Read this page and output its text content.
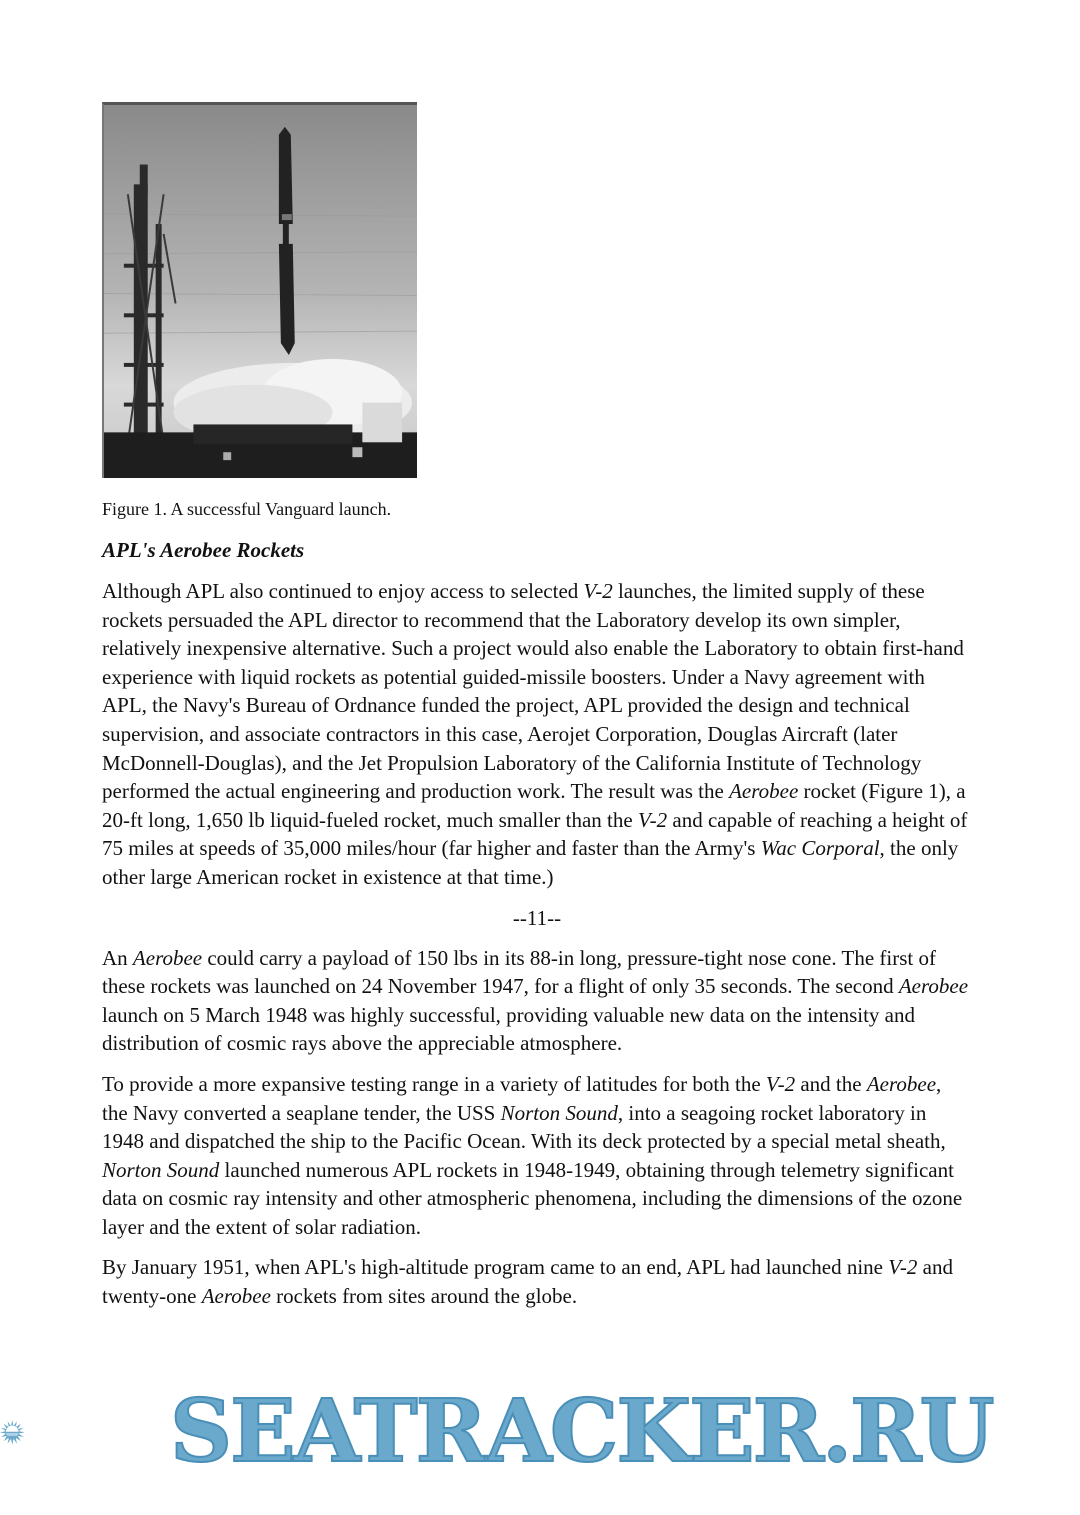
Figure 1. A successful Vanguard launch.
APL's Aerobee Rockets

Although APL also continued to enjoy access to selected V-2 launches, the limited supply of these rockets persuaded the APL director to recommend that the Laboratory develop its own simpler, relatively inexpensive alternative. Such a project would also enable the Laboratory to obtain first-hand experience with liquid rockets as potential guided-missile boosters. Under a Navy agreement with APL, the Navy's Bureau of Ordnance funded the project, APL provided the design and technical supervision, and associate contractors in this case, Aerojet Corporation, Douglas Aircraft (later McDonnell-Douglas), and the Jet Propulsion Laboratory of the California Institute of Technology performed the actual engineering and production work. The result was the Aerobee rocket (Figure 1), a 20-ft long, 1,650 lb liquid-fueled rocket, much smaller than the V-2 and capable of reaching a height of 75 miles at speeds of 35,000 miles/hour (far higher and faster than the Army's Wac Corporal, the only other large American rocket in existence at that time.)

--11--

An Aerobee could carry a payload of 150 lbs in its 88-in long, pressure-tight nose cone. The first of these rockets was launched on 24 November 1947, for a flight of only 35 seconds. The second Aerobee launch on 5 March 1948 was highly successful, providing valuable new data on the intensity and distribution of cosmic rays above the appreciable atmosphere.

To provide a more expansive testing range in a variety of latitudes for both the V-2 and the Aerobee, the Navy converted a seaplane tender, the USS Norton Sound, into a seagoing rocket laboratory in 1948 and dispatched the ship to the Pacific Ocean. With its deck protected by a special metal sheath, Norton Sound launched numerous APL rockets in 1948-1949, obtaining through telemetry significant data on cosmic ray intensity and other atmospheric phenomena, including the dimensions of the ozone layer and the extent of solar radiation.

By January 1951, when APL's high-altitude program came to an end, APL had launched nine V-2 and twenty-one Aerobee rockets from sites around the globe.

SEATRACKER.RU
